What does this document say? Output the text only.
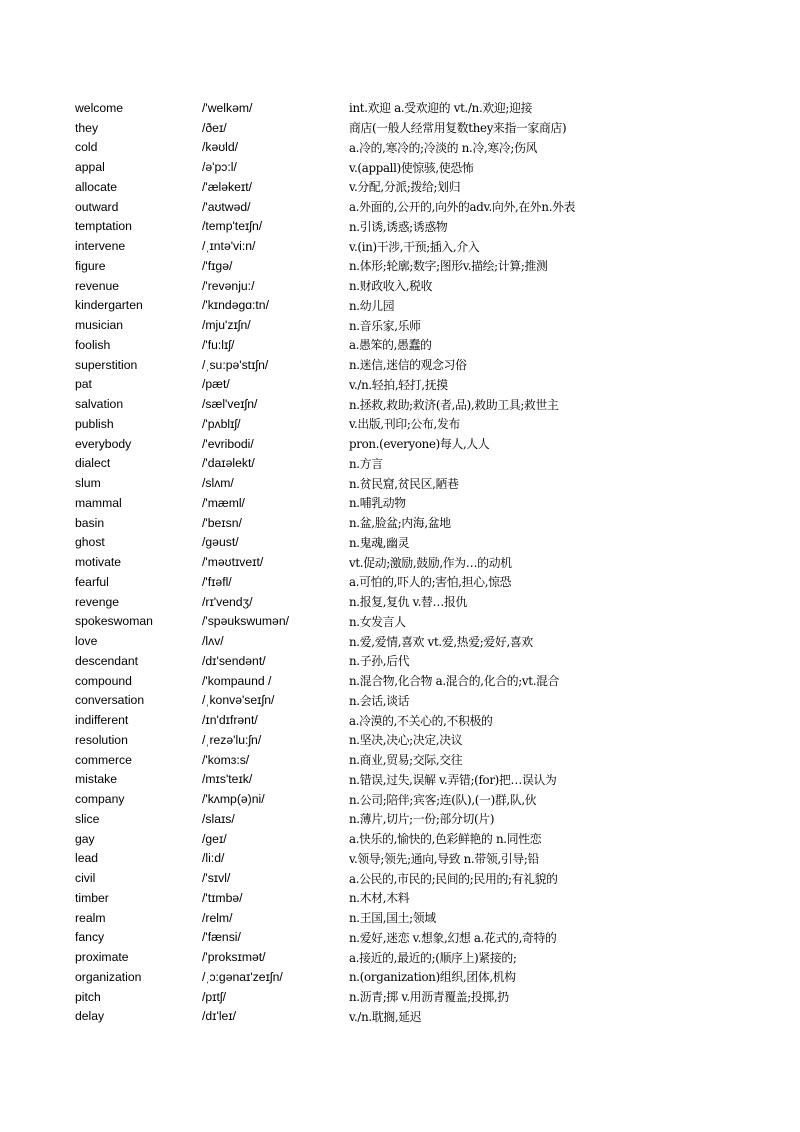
welcome	/'welkəm/	int.欢迎 a.受欢迎的 vt./n.欢迎;迎接
they	/ðeɪ/	商店(一般人经常用复数they来指一家商店)
cold	/kəʊld/	a.冷的,寒冷的;冷淡的 n.冷,寒冷;伤风
appal	/ə'pɔ:l/	v.(appall)使惊骇,使恐怖
allocate	/'æləkeɪt/	v.分配,分派;拨给;划归
outward	/'aʊtwəd/	a.外面的,公开的,向外的adv.向外,在外n.外表
temptation	/temp'teɪʃn/	n.引诱,诱惑;诱惑物
intervene	/ˌɪntə'vi:n/	v.(in)干涉,干预;插入,介入
figure	/'fɪgə/	n.体形;轮廓;数字;图形v.描绘;计算;推测
revenue	/'revənju:/	n.财政收入,税收
kindergarten	/'kɪndəgɑ:tn/	n.幼儿园
musician	/mju'zɪʃn/	n.音乐家,乐师
foolish	/'fu:lɪʃ/	a.愚笨的,愚蠢的
superstition	/ˌsu:pə'stɪʃn/	n.迷信,迷信的观念习俗
pat	/pæt/	v./n.轻拍,轻打,抚摸
salvation	/sæl'veɪʃn/	n.拯救,救助;救济(者,品),救助工具;救世主
publish	/'pʌblɪʃ/	v.出版,刊印;公布,发布
everybody	/'evribodi/	pron.(everyone)每人,人人
dialect	/'daɪəlekt/	n.方言
slum	/slʌm/	n.贫民窟,贫民区,陋巷
mammal	/'mæml/	n.哺乳动物
basin	/'beɪsn/	n.盆,脸盆;内海,盆地
ghost	/gəust/	n.鬼魂,幽灵
motivate	/'məʊtɪveɪt/	vt.促动;激励,鼓励,作为…的动机
fearful	/'fɪəfl/	a.可怕的,吓人的;害怕,担心,惊恐
revenge	/rɪ'vendʒ/	n.报复,复仇 v.替…报仇
spokeswoman	/'spəukswumən/	n.女发言人
love	/lʌv/	n.爱,爱情,喜欢 vt.爱,热爱;爱好,喜欢
descendant	/dɪ'sendənt/	n.子孙,后代
compound	/'kompaund /	n.混合物,化合物 a.混合的,化合的;vt.混合
conversation	/ˌkonvə'seɪʃn/	n.会话,谈话
indifferent	/ɪn'dɪfrənt/	a.冷漠的,不关心的,不积极的
resolution	/ˌrezə'lu:ʃn/	n.坚决,决心;决定,决议
commerce	/'komɜ:s/	n.商业,贸易;交际,交往
mistake	/mɪs'teɪk/	n.错误,过失,误解 v.弄错;(for)把…误认为
company	/'kʌmp(ə)ni/	n.公司;陪伴;宾客;连(队),(一)群,队,伙
slice	/slaɪs/	n.薄片,切片;一份;部分切(片)
gay	/geɪ/	a.快乐的,愉快的,色彩鲜艳的 n.同性恋
lead	/li:d/	v.领导;领先;通向,导致 n.带领,引导;铅
civil	/'sɪvl/	a.公民的,市民的;民间的;民用的;有礼貌的
timber	/'tɪmbə/	n.木材,木料
realm	/relm/	n.王国,国土;领域
fancy	/'fænsi/	n.爱好,迷恋 v.想象,幻想 a.花式的,奇特的
proximate	/'proksɪmət/	a.接近的,最近的;(顺序上)紧接的;
organization	/ˌɔ:gənaɪ'zeɪʃn/	n.(organization)组织,团体,机构
pitch	/pɪtʃ/	n.沥青;掷 v.用沥青覆盖;投掷,扔
delay	/dɪ'leɪ/	v./n.耽搁,延迟
